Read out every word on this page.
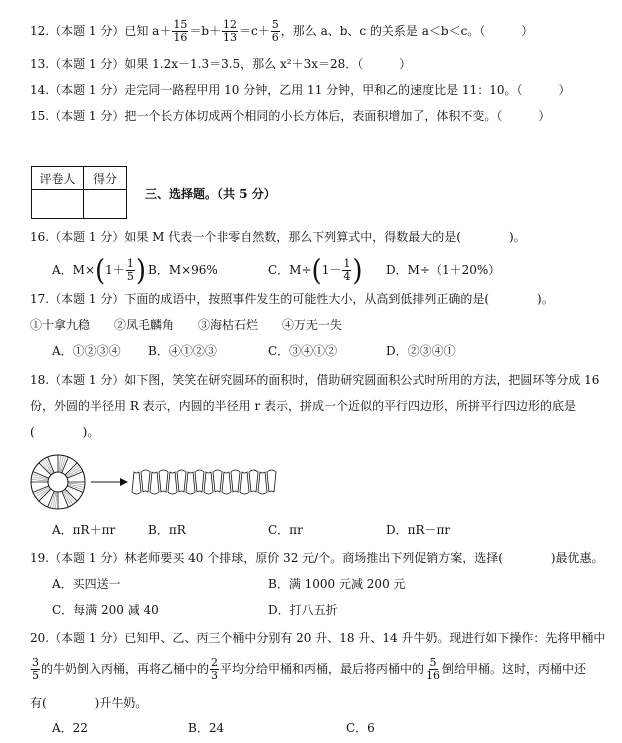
12.（本题 1 分）已知 $a+ \frac{15}{16} =b+ \frac{12}{13} =c+ \frac{5}{6}$ ，那么 a、b、c 的关系是 a＜b＜c。（　　　）
13.（本题 1 分）如果 1.2x－1.3＝3.5，那么 x²＋3x＝28．（　　　）
14.（本题 1 分）走完同一路程甲用 10 分钟，乙用 11 分钟，甲和乙的速度比是 11：10。（　　　）
15.（本题 1 分）把一个长方体切成两个相同的小长方体后，表面积增加了，体积不变。（　　　）
评卷人	得分

三、选择题。（共 5 分）
16.（本题 1 分）如果 M 代表一个非零自然数，那么下列算式中，得数最大的是(　　　　)。
A．$M\times(1+ \frac{1}{5}$ ) B．M×96%	C．$M\div(1- \frac{1}{4}$ ) D．M÷（1＋20%）
17.（本题 1 分）下面的成语中，按照事件发生的可能性大小，从高到低排列正确的是(　　　　)。
①十拿九稳　　②凤毛麟角　　③海枯石烂　　④万无一失
A．①②③④ B．④①②③	C．③④①②	D．②③④①
18.（本题 1 分）如下图，笑笑在研究圆环的面积时，借助研究圆面积公式时所用的方法，把圆环等分成 16
份，外圆的半径用 R 表示，内圆的半径用 r 表示，拼成一个近似的平行四边形，所拼平行四边形的底是
(　　　　)。
A．πR＋πr	B．πR	C．πr	D．πR－πr
19.（本题 1 分）林老师要买 40 个排球，原价 32 元/个。商场推出下列促销方案，选择(　　　　)最优惠。
A．买四送一	B．满 1000 元减 200 元
C．每满 200 减 40	D．打八五折
20.（本题 1 分）已知甲、乙、丙三个桶中分别有 20 升、18 升、14 升牛奶。现进行如下操作：先将甲桶中
$\frac{3}{5}$ 的牛奶倒入丙桶，再将乙桶中的 $\frac{2}{3}$ 平均分给甲桶和丙桶，最后将丙桶中的 $\frac{5}{16}$ 倒给甲桶。这时，丙桶中还
有(　　　　)升牛奶。
A．22	B．24	C．6
